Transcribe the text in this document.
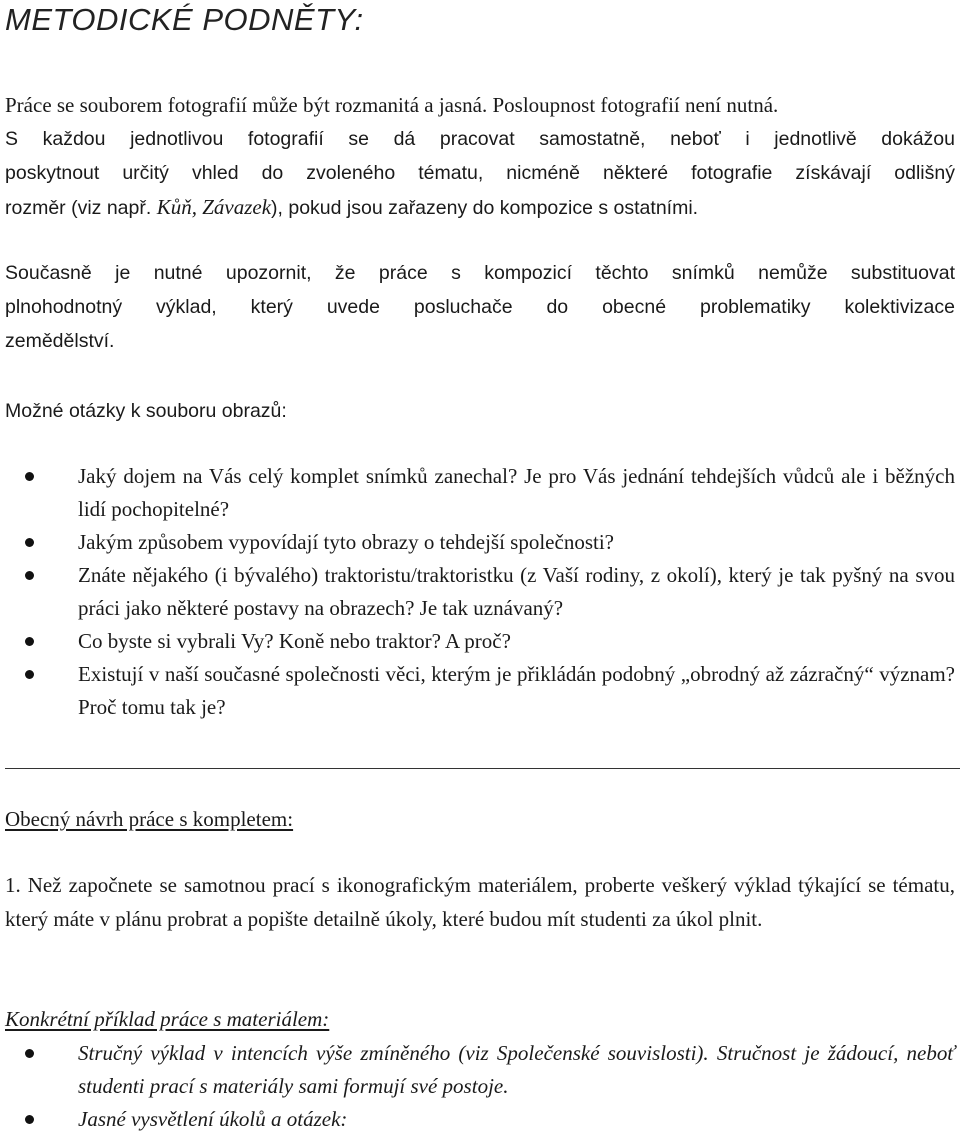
METODICKÉ PODNĚTY:
Práce se souborem fotografií může být rozmanitá a jasná. Posloupnost fotografií není nutná.
S každou jednotlivou fotografií se dá pracovat samostatně, neboť i jednotlivě dokážou
poskytnout určitý vhled do zvoleného tématu, nicméně některé fotografie získávají odlišný
rozměr (viz např. Kůň, Závazek), pokud jsou zařazeny do kompozice s ostatními.
Současně je nutné upozornit, že práce s kompozicí těchto snímků nemůže substituovat
plnohodnotný výklad, který uvede posluchače do obecné problematiky kolektivizace
zemědělství.
Možné otázky k souboru obrazů:
Jaký dojem na Vás celý komplet snímků zanechal? Je pro Vás jednání tehdejších vůdců ale i běžných lidí pochopitelné?
Jakým způsobem vypovídají tyto obrazy o tehdejší společnosti?
Znáte nějakého (i bývalého) traktoristu/traktoristku (z Vaší rodiny, z okolí), který je tak pyšný na svou práci jako některé postavy na obrazech? Je tak uznávaný?
Co byste si vybrali Vy? Koně nebo traktor? A proč?
Existují v naší současné společnosti věci, kterým je přikládán podobný „obrodný až zázračný“ význam? Proč tomu tak je?
Obecný návrh práce s kompletem:
1. Než započnete se samotnou prací s ikonografickým materiálem, proberte veškerý výklad týkající se tématu, který máte v plánu probrat a popište detailně úkoly, které budou mít studenti za úkol plnit.
Konkrétní příklad práce s materiálem:
Stručný výklad v intencích výše zmíněného (viz Společenské souvislosti). Stručnost je žádoucí, neboť studenti prací s materiály sami formují své postoje.
Jasné vysvětlení úkolů a otázek:
